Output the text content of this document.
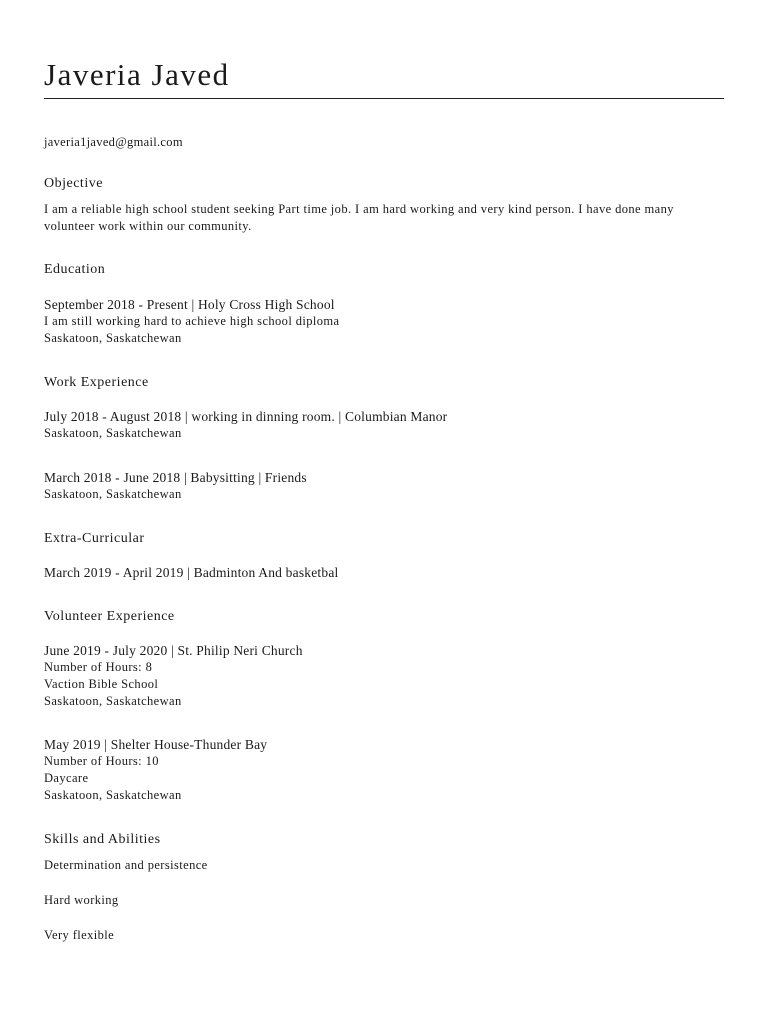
Javeria Javed
javeria1javed@gmail.com
Objective
I am a reliable high school student seeking Part time job. I am hard working and very kind person. I have done many volunteer work within our community.
Education
September 2018 - Present | Holy Cross High School
I am still working hard to achieve high school diploma
Saskatoon, Saskatchewan
Work Experience
July 2018 - August 2018 | working in dinning room. | Columbian Manor
Saskatoon, Saskatchewan
March 2018 - June 2018 | Babysitting | Friends
Saskatoon, Saskatchewan
Extra-Curricular
March 2019 - April 2019 | Badminton And basketbal
Volunteer Experience
June 2019 - July 2020 | St. Philip Neri Church
Number of Hours: 8
Vaction Bible School
Saskatoon, Saskatchewan
May 2019 | Shelter House-Thunder Bay
Number of Hours: 10
Daycare
Saskatoon, Saskatchewan
Skills and Abilities
Determination and persistence
Hard working
Very flexible
